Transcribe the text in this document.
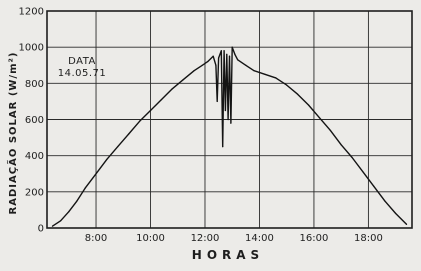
0
200
400
600
800
1000
1200
8:00	10:00	12:00	14:00	16:00	18:00
RADIAÇÃO SOLAR (W/m²)
HORAS
DATA
14.05.71
